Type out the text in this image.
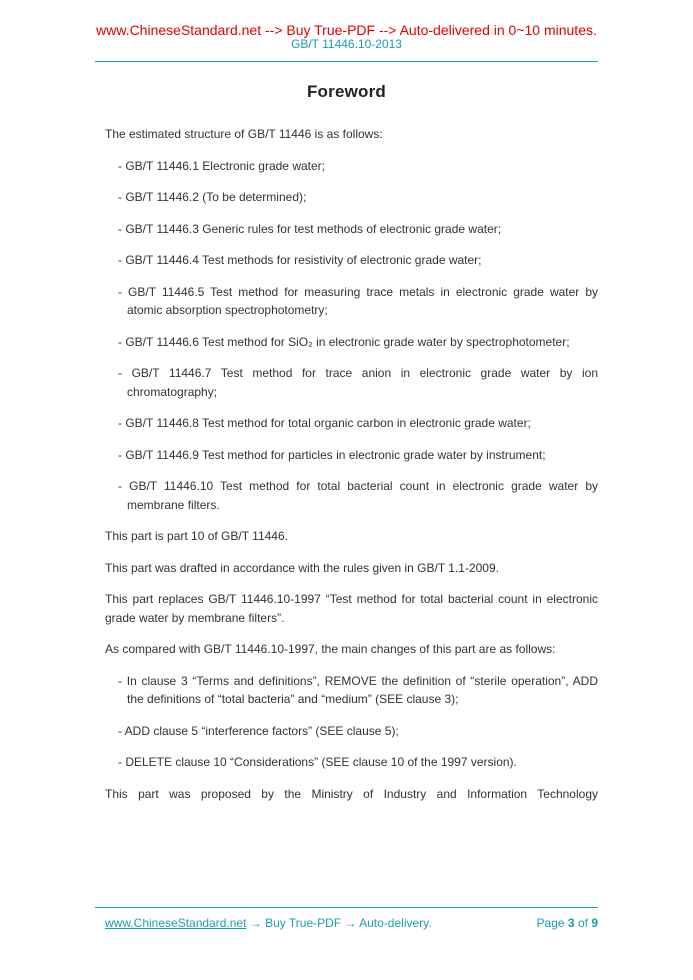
www.ChineseStandard.net --> Buy True-PDF --> Auto-delivered in 0~10 minutes.
GB/T 11446.10-2013
Foreword

The estimated structure of GB/T 11446 is as follows:

- GB/T 11446.1 Electronic grade water;
- GB/T 11446.2 (To be determined);
- GB/T 11446.3 Generic rules for test methods of electronic grade water;
- GB/T 11446.4 Test methods for resistivity of electronic grade water;
- GB/T 11446.5 Test method for measuring trace metals in electronic grade water by atomic absorption spectrophotometry;
- GB/T 11446.6 Test method for SiO₂ in electronic grade water by spectrophotometer;
- GB/T 11446.7 Test method for trace anion in electronic grade water by ion chromatography;
- GB/T 11446.8 Test method for total organic carbon in electronic grade water;
- GB/T 11446.9 Test method for particles in electronic grade water by instrument;
- GB/T 11446.10 Test method for total bacterial count in electronic grade water by membrane filters.

This part is part 10 of GB/T 11446.

This part was drafted in accordance with the rules given in GB/T 1.1-2009.

This part replaces GB/T 11446.10-1997 “Test method for total bacterial count in electronic grade water by membrane filters”.

As compared with GB/T 11446.10-1997, the main changes of this part are as follows:

- In clause 3 “Terms and definitions”, REMOVE the definition of “sterile operation”, ADD the definitions of “total bacteria” and “medium” (SEE clause 3);
- ADD clause 5 “interference factors” (SEE clause 5);
- DELETE clause 10 “Considerations” (SEE clause 10 of the 1997 version).

This part was proposed by the Ministry of Industry and Information Technology

www.ChineseStandard.net → Buy True-PDF → Auto-delivery.	Page 3 of 9
